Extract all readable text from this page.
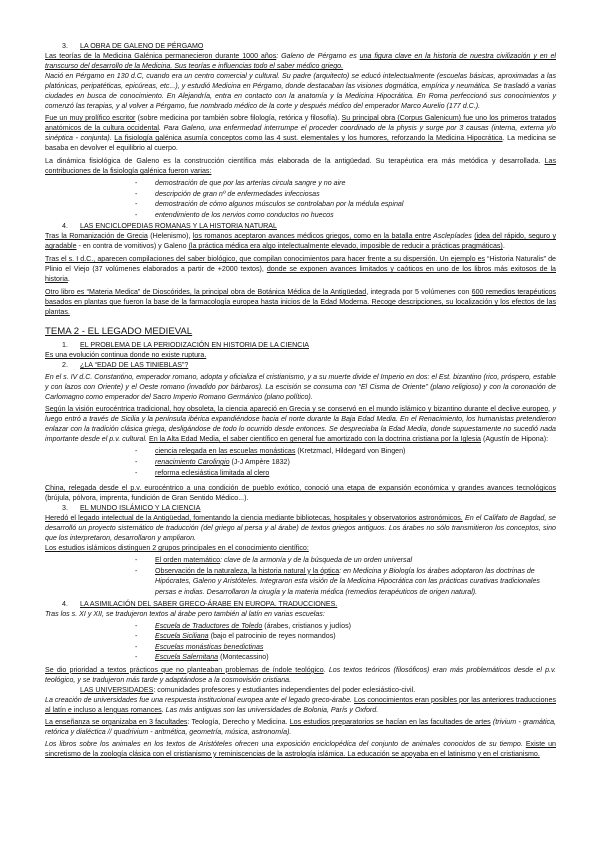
3. LA OBRA DE GALENO DE PÉRGAMO

Las teorías de la Medicina Galénica permanecieron durante 1000 años: Galeno de Pérgamo es una figura clave en la historia de nuestra civilización y en el transcurso del desarrollo de la Medicina. Sus teorías e influencias todo el saber médico griego.

Nació en Pérgamo en 130 d.C, cuando era un centro comercial y cultural. Su padre (arquitecto) se educó intelectualmente (escuelas básicas, aproximadas a las platónicas, peripatéticas, epicúreas, etc...), y estudió Medicina en Pérgamo, donde destacaban las visiones dogmática, empírica y neumática. Se trasladó a varias ciudades en busca de conocimiento. En Alejandría, entra en contacto con la anatomía y la Medicina Hipocrática. En Roma perfeccionó sus conocimientos y comenzó las terapias, y al volver a Pérgamo, fue nombrado médico de la corte y después médico del emperador Marco Aurelio (177 d.C.).

Fue un muy prolífico escritor (sobre medicina por también sobre filología, retórica y filosofía). Su principal obra (Corpus Galenicum) fue uno los primeros tratados anatómicos de la cultura occidental. Para Galeno, una enfermedad interrumpe el proceder coordinado de la physis y surge por 3 causas (interna, externa y/o sinéptica - conjunta). La fisiología galénica asumía conceptos como las 4 sust. elementales y los humores, reforzando la Medicina Hipocrática. La medicina se basaba en devolver el equilibrio al cuerpo.

La dinámica fisiológica de Galeno es la construcción científica más elaborada de la antigüedad. Su terapéutica era más metódica y desarrollada. Las contribuciones de la fisiología galénica fueron varias:

- demostración de que por las arterias circula sangre y no aire
- descripción de gran nº de enfermedades infecciosas
- demostración de cómo algunos músculos se controlaban por la médula espinal
- entendimiento de los nervios como conductos no huecos
4. LAS ENCICLOPEDIAS ROMANAS Y LA HISTORIA NATURAL

Tras la Romanización de Grecia (Helenismo), los romanos aceptaron avances médicos griegos, como en la batalla entre Asclepíades (idea del rápido, seguro y agradable - en contra de vomitivos) y Galeno (la práctica médica era algo intelectualmente elevado, imposible de reducir a prácticas pragmáticas).

Tras el s. I d.C., aparecen compilaciones del saber biológico, que compilan conocimientos para hacer frente a su dispersión. Un ejemplo es “Historia Naturalis” de Plinio el Viejo (37 volúmenes elaborados a partir de +2000 textos), donde se exponen avances limitados y caóticos en uno de los libros más exitosos de la historia.

Otro libro es “Materia Medica” de Dioscórides, la principal obra de Botánica Médica de la Antigüedad, integrada por 5 volúmenes con 600 remedios terapéuticos basados en plantas que fueron la base de la farmacología europea hasta inicios de la Edad Moderna. Recoge descripciones, su localización y los efectos de las plantas.

TEMA 2 - EL LEGADO MEDIEVAL
1. EL PROBLEMA DE LA PERIODIZACIÓN EN HISTORIA DE LA CIENCIA

Es una evolución continua donde no existe ruptura.

2. ¿LA “EDAD DE LAS TINIEBLAS”?

En el s. IV d.C. Constantino, emperador romano, adopta y oficializa el cristianismo, y a su muerte divide el Imperio en dos: el Est. bizantino (rico, próspero, estable y con lazos con Oriente) y el Oeste romano (invadido por bárbaros). La escisión se consuma con “El Cisma de Oriente” (plano religioso) y con la coronación de Carlomagno como emperador del Sacro Imperio Romano Germánico (plano político).

Según la visión eurocéntrica tradicional, hoy obsoleta, la ciencia apareció en Grecia y se conservó en el mundo islámico y bizantino durante el declive europeo, y luego entró a través de Sicilia y la península ibérica expandiéndose hacia el norte durante la Baja Edad Media. En el Renacimiento, los humanistas pretendieron enlazar con la tradición clásica griega, desligándose de todo lo ocurrido desde entonces. Se despreciaba la Edad Media, donde supuestamente no sucedió nada importante desde el p.v. cultural. En la Alta Edad Media, el saber científico en general fue amortizado con la doctrina cristiana por la Iglesia (Agustín de Hipona):

- ciencia relegada en las escuelas monásticas (Kretzmacl, Hildegard von Bingen)
- renacimiento Carolingio (J-J Ampère 1832)
- reforma eclesiástica limitada al clero

China, relegada desde el p.v. eurocéntrico a una condición de pueblo exótico, conoció una etapa de expansión económica y grandes avances tecnológicos (brújula, pólvora, imprenta, fundición de Gran Sentido Médico...).

3. EL MUNDO ISLÁMICO Y LA CIENCIA

Heredó el legado intelectual de la Antigüedad, fomentando la ciencia mediante bibliotecas, hospitales y observatorios astronómicos. En el Califato de Bagdad, se desarrolló un proyecto sistemático de traducción (del griego al persa y al árabe) de textos griegos antiguos. Los árabes no sólo transmitieron los conceptos, sino que los interpretaron, desarrollaron y ampliaron.

Los estudios islámicos distinguen 2 grupos principales en el conocimiento científico:

- El orden matemático: clave de la armonía y de la búsqueda de un orden universal
- Observación de la naturaleza, la historia natural y la óptica: en Medicina y Biología los árabes adoptaron las doctrinas de Hipócrates, Galeno y Aristóteles. Integraron esta visión de la Medicina Hipocrática con las prácticas curativas tradicionales persas e indias. Desarrollaron la cirugía y la materia médica (remedios terapéuticos de origen natural).
4. LA ASIMILACIÓN DEL SABER GRECO-ÁRABE EN EUROPA. TRADUCCIONES.

Tras los s. XI y XII, se tradujeron textos al árabe pero también al latín en varias escuelas:

- Escuela de Traductores de Toledo (árabes, cristianos y judíos)
- Escuela Siciliana (bajo el patrocinio de reyes normandos)
- Escuelas monásticas benedictinas
- Escuela Salernitana (Montecassino)

Se dio prioridad a textos prácticos que no planteaban problemas de índole teológico. Los textos teóricos (filosóficos) eran más problemáticos desde el p.v. teológico, y se tradujeron más tarde y adaptándose a la cosmovisión cristiana.

LAS UNIVERSIDADES: comunidades profesores y estudiantes independientes del poder eclesiástico-civil.

La creación de universidades fue una respuesta institucional europea ante el legado greco-árabe. Los conocimientos eran posibles por las anteriores traducciones al latín e incluso a lenguas romances. Las más antiguas son las universidades de Bolonia, París y Oxford.

La enseñanza se organizaba en 3 facultades: Teología, Derecho y Medicina. Los estudios preparatorios se hacían en las facultades de artes (trivium - gramática, retórica y dialéctica // quadrivium - aritmética, geometría, música, astronomía).

Los libros sobre los animales en los textos de Aristóteles ofrecen una exposición enciclopédica del conjunto de animales conocidos de su tiempo. Existe un sincretismo de la zoología clásica con el cristianismo y reminiscencias de la astrología islámica. La educación se apoyaba en el latinismo y en el cristianismo.
